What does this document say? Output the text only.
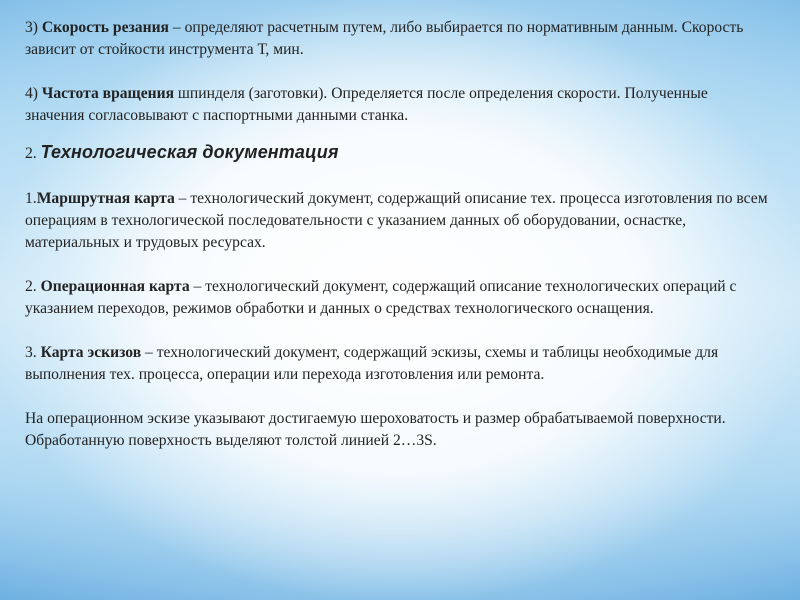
3) Скорость резания – определяют расчетным путем, либо выбирается по нормативным данным. Скорость зависит от стойкости инструмента Т, мин.

4) Частота вращения шпинделя (заготовки). Определяется после определения скорости. Полученные значения согласовывают с паспортными данными станка.

2. Технологическая документация

1.Маршрутная карта – технологический документ, содержащий описание тех. процесса изготовления по всем операциям в технологической последовательности с указанием данных об оборудовании, оснастке, материальных и трудовых ресурсах.

2. Операционная карта – технологический документ, содержащий описание технологических операций с указанием переходов, режимов обработки и данных о средствах технологического оснащения.

3. Карта эскизов – технологический документ, содержащий эскизы, схемы и таблицы необходимые для выполнения тех. процесса, операции или перехода изготовления или ремонта.

На операционном эскизе указывают достигаемую шероховатость и размер обрабатываемой поверхности. Обработанную поверхность выделяют толстой линией 2…3S.
